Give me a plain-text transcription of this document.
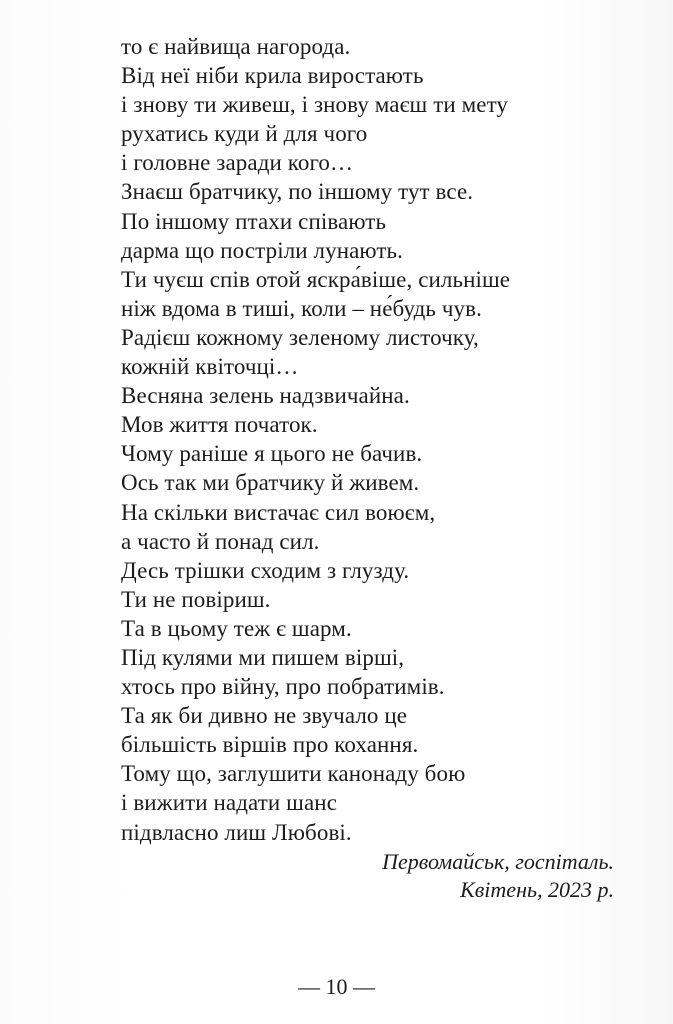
то є найвища нагорода.
Від неї ніби крила виростають
і знову ти живеш, і знову маєш ти мету
рухатись куди й для чого
і головне заради кого…
Знаєш братчику, по іншому тут все.
По іншому птахи співають
дарма що постріли лунають.
Ти чуєш спів отой яскра́віше, сильніше
ніж вдома в тиші, коли – не́будь чув.
Радієш кожному зеленому листочку,
кожній квіточці…
Весняна зелень надзвичайна.
Мов життя початок.
Чому раніше я цього не бачив.
Ось так ми братчику й живем.
На скільки вистачає сил воюєм,
а часто й понад сил.
Десь трішки сходим з глузду.
Ти не повіриш.
Та в цьому теж є шарм.
Під кулями ми пишем вірші,
хтось про війну, про побратимів.
Та як би дивно не звучало це
більшість віршів про кохання.
Тому що, заглушити канонаду бою
і вижити надати шанс
підвласно лиш Любові.
Первомайськ, госпіталь.
Квітень, 2023 р.
— 10 —
